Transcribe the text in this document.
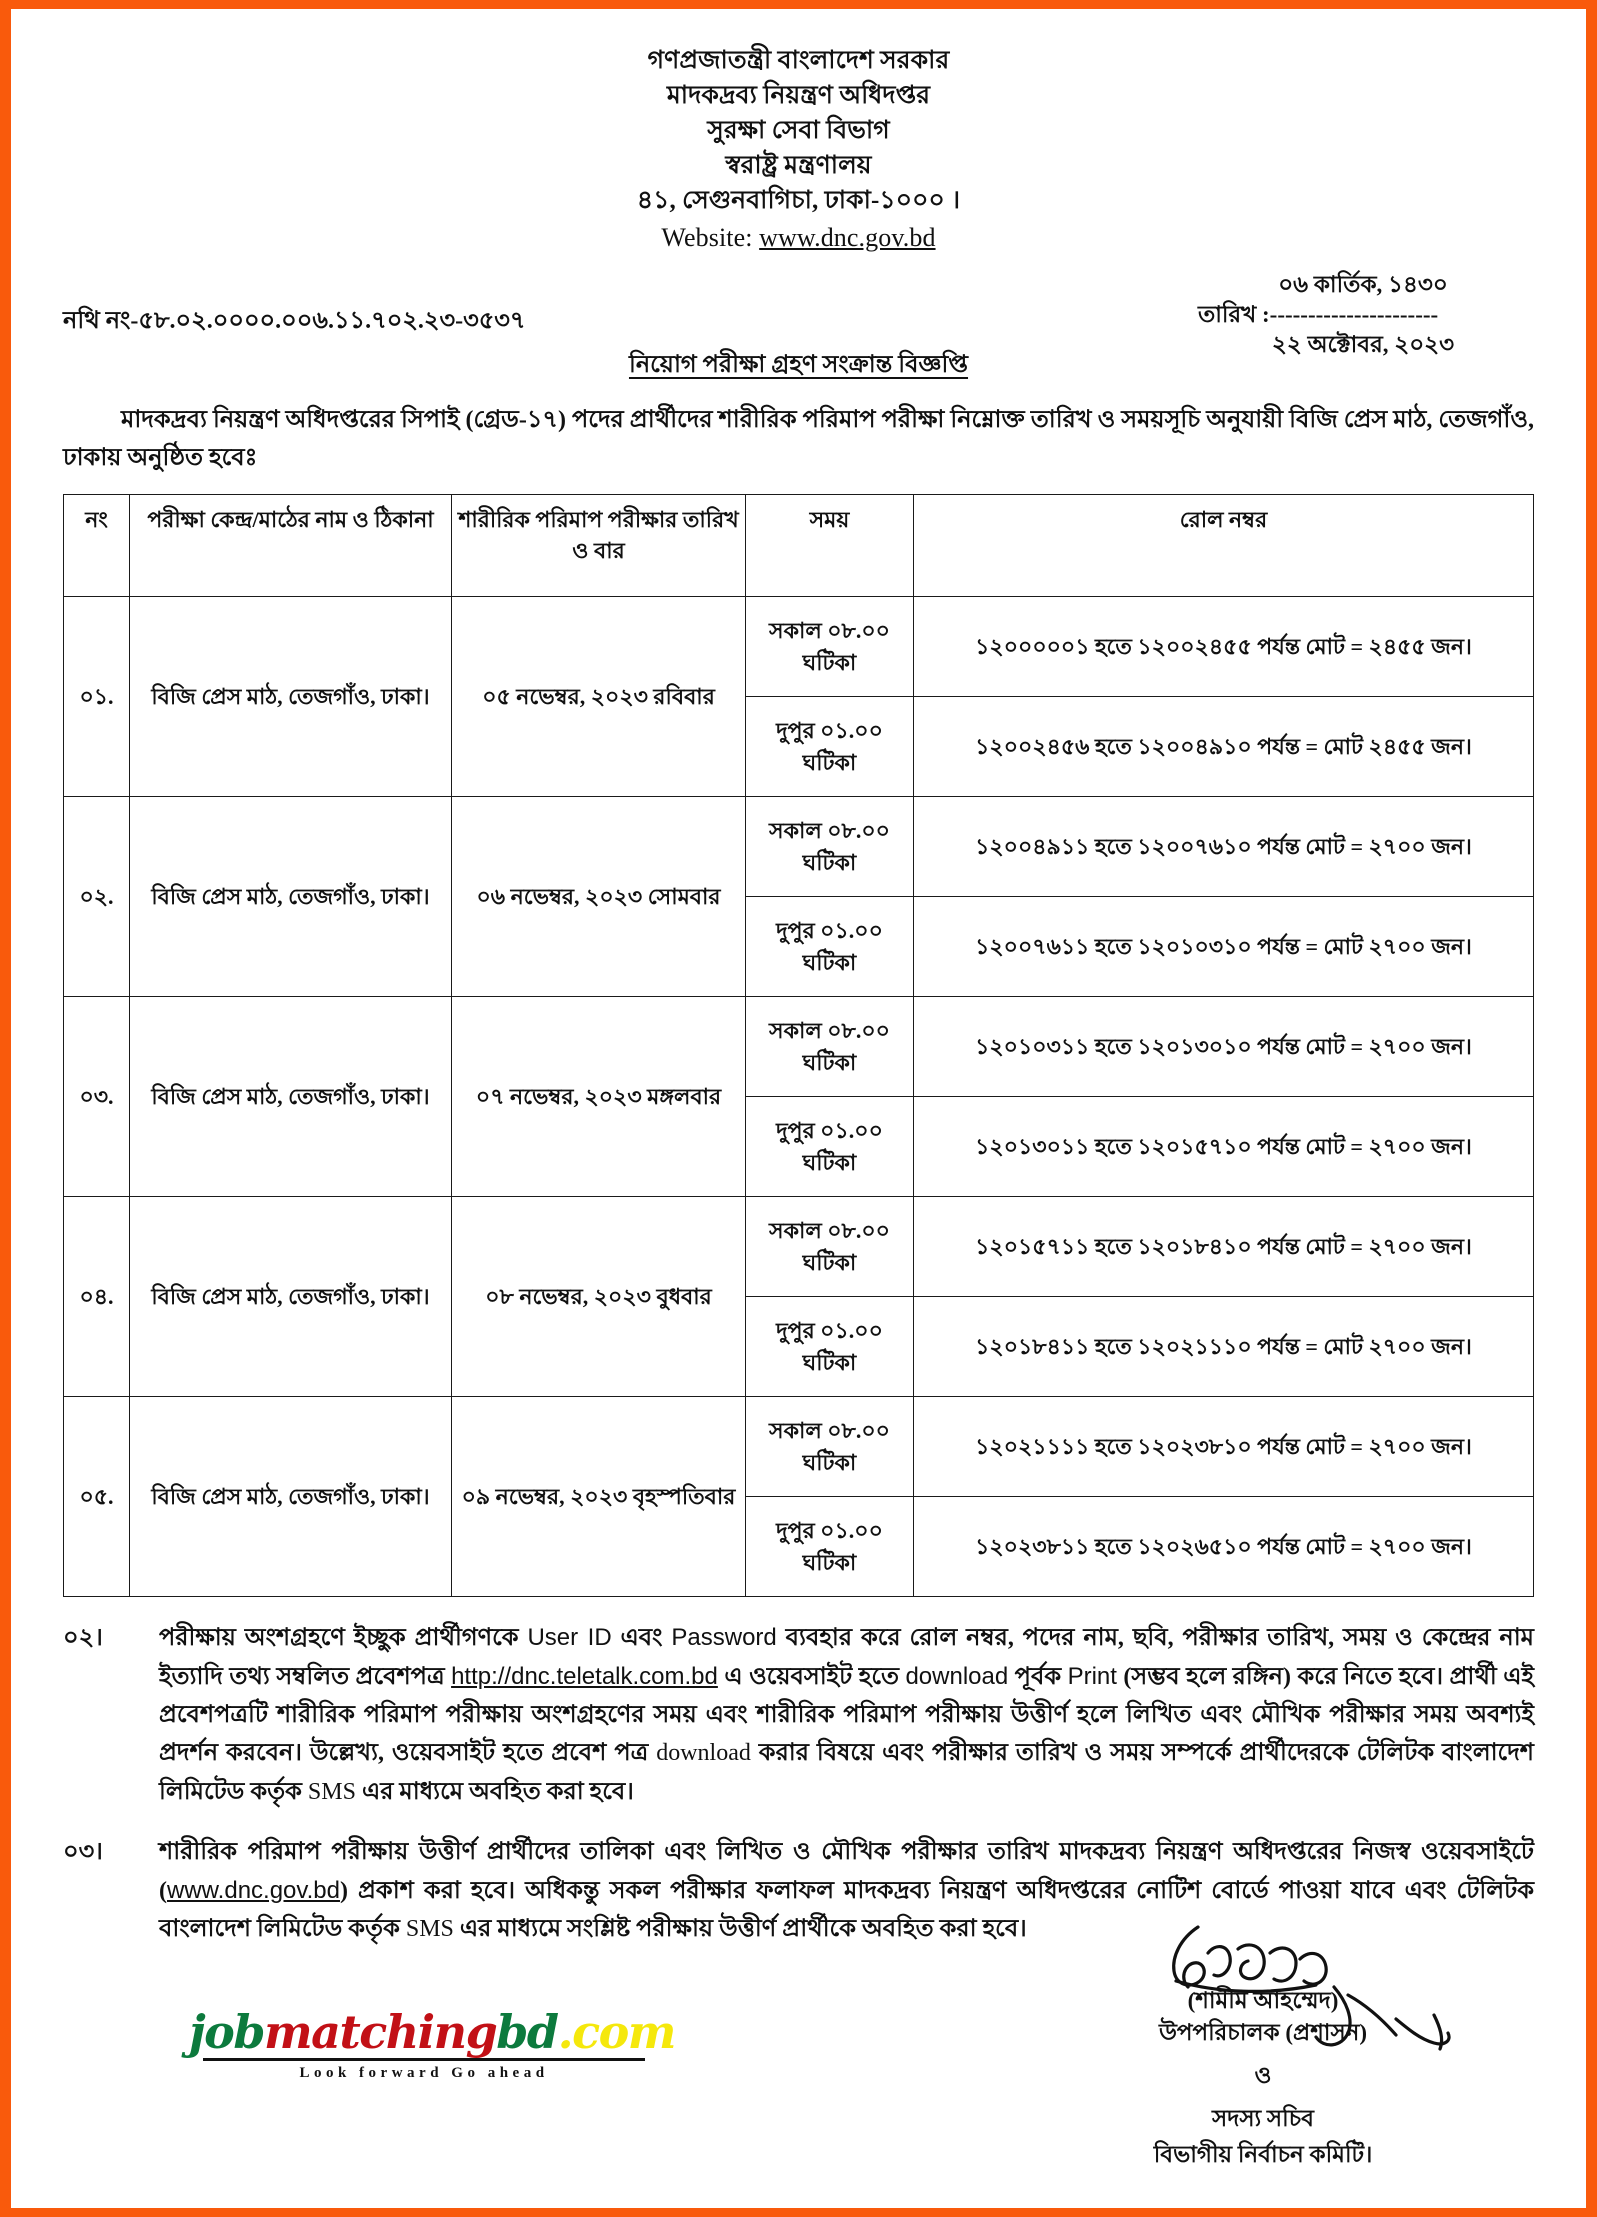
গণপ্রজাতন্ত্রী বাংলাদেশ সরকার
মাদকদ্রব্য নিয়ন্ত্রণ অধিদপ্তর
সুরক্ষা সেবা বিভাগ
স্বরাষ্ট্র মন্ত্রণালয়
৪১, সেগুনবাগিচা, ঢাকা-১০০০ ।
Website: www.dnc.gov.bd
নথি নং-৫৮.০২.০০০০.০০৬.১১.৭০২.২৩-৩৫৩৭
০৬ কার্তিক, ১৪৩০
তারিখ : ----------------------
২২ অক্টোবর, ২০২৩
নিয়োগ পরীক্ষা গ্রহণ সংক্রান্ত বিজ্ঞপ্তি
মাদকদ্রব্য নিয়ন্ত্রণ অধিদপ্তরের সিপাই (গ্রেড-১৭) পদের প্রার্থীদের শারীরিক পরিমাপ পরীক্ষা নিম্নোক্ত তারিখ ও সময়সূচি অনুযায়ী বিজি প্রেস মাঠ, তেজগাঁও, ঢাকায় অনুষ্ঠিত হবেঃ
নং	পরীক্ষা কেন্দ্র/মাঠের নাম ও ঠিকানা	শারীরিক পরিমাপ পরীক্ষার তারিখ ও বার	সময়	রোল নম্বর
০১.	বিজি প্রেস মাঠ, তেজগাঁও, ঢাকা।	০৫ নভেম্বর, ২০২৩ রবিবার	সকাল ০৮.০০ ঘটিকা	১২০০০০০১ হতে ১২০০২৪৫৫ পর্যন্ত মোট = ২৪৫৫ জন।
			দুপুর ০১.০০ ঘটিকা	১২০০২৪৫৬ হতে ১২০০৪৯১০ পর্যন্ত = মোট ২৪৫৫ জন।
০২.	বিজি প্রেস মাঠ, তেজগাঁও, ঢাকা।	০৬ নভেম্বর, ২০২৩ সোমবার	সকাল ০৮.০০ ঘটিকা	১২০০৪৯১১ হতে ১২০০৭৬১০ পর্যন্ত মোট = ২৭০০ জন।
			দুপুর ০১.০০ ঘটিকা	১২০০৭৬১১ হতে ১২০১০৩১০ পর্যন্ত = মোট ২৭০০ জন।
০৩.	বিজি প্রেস মাঠ, তেজগাঁও, ঢাকা।	০৭ নভেম্বর, ২০২৩ মঙ্গলবার	সকাল ০৮.০০ ঘটিকা	১২০১০৩১১ হতে ১২০১৩০১০ পর্যন্ত মোট = ২৭০০ জন।
			দুপুর ০১.০০ ঘটিকা	১২০১৩০১১ হতে ১২০১৫৭১০ পর্যন্ত মোট = ২৭০০ জন।
০৪.	বিজি প্রেস মাঠ, তেজগাঁও, ঢাকা।	০৮ নভেম্বর, ২০২৩ বুধবার	সকাল ০৮.০০ ঘটিকা	১২০১৫৭১১ হতে ১২০১৮৪১০ পর্যন্ত মোট = ২৭০০ জন।
			দুপুর ০১.০০ ঘটিকা	১২০১৮৪১১ হতে ১২০২১১১০ পর্যন্ত = মোট ২৭০০ জন।
০৫.	বিজি প্রেস মাঠ, তেজগাঁও, ঢাকা।	০৯ নভেম্বর, ২০২৩ বৃহস্পতিবার	সকাল ০৮.০০ ঘটিকা	১২০২১১১১ হতে ১২০২৩৮১০ পর্যন্ত মোট = ২৭০০ জন।
			দুপুর ০১.০০ ঘটিকা	১২০২৩৮১১ হতে ১২০২৬৫১০ পর্যন্ত মোট = ২৭০০ জন।
০২।	পরীক্ষায় অংশগ্রহণে ইচ্ছুক প্রার্থীগণকে User ID এবং Password ব্যবহার করে রোল নম্বর, পদের নাম, ছবি, পরীক্ষার তারিখ, সময় ও কেন্দ্রের নাম ইত্যাদি তথ্য সম্বলিত প্রবেশপত্র http://dnc.teletalk.com.bd এ ওয়েবসাইট হতে download পূর্বক Print (সম্ভব হলে রঙ্গিন) করে নিতে হবে। প্রার্থী এই প্রবেশপত্রটি শারীরিক পরিমাপ পরীক্ষায় অংশগ্রহণের সময় এবং শারীরিক পরিমাপ পরীক্ষায় উত্তীর্ণ হলে লিখিত এবং মৌখিক পরীক্ষার সময় অবশ্যই প্রদর্শন করবেন। উল্লেখ্য, ওয়েবসাইট হতে প্রবেশ পত্র download করার বিষয়ে এবং পরীক্ষার তারিখ ও সময় সম্পর্কে প্রার্থীদেরকে টেলিটক বাংলাদেশ লিমিটেড কর্তৃক SMS এর মাধ্যমে অবহিত করা হবে।
০৩।	শারীরিক পরিমাপ পরীক্ষায় উত্তীর্ণ প্রার্থীদের তালিকা এবং লিখিত ও মৌখিক পরীক্ষার তারিখ মাদকদ্রব্য নিয়ন্ত্রণ অধিদপ্তরের নিজস্ব ওয়েবসাইটে (www.dnc.gov.bd) প্রকাশ করা হবে। অধিকন্তু সকল পরীক্ষার ফলাফল মাদকদ্রব্য নিয়ন্ত্রণ অধিদপ্তরের নোটিশ বোর্ডে পাওয়া যাবে এবং টেলিটক বাংলাদেশ লিমিটেড কর্তৃক SMS এর মাধ্যমে সংশ্লিষ্ট পরীক্ষায় উত্তীর্ণ প্রার্থীকে অবহিত করা হবে।
(শামীম আহম্মেদ)
উপপরিচালক (প্রশাসন)
ও
সদস্য সচিব
বিভাগীয় নির্বাচন কমিটি।
jobmatchingbd.com
Look forward Go ahead
